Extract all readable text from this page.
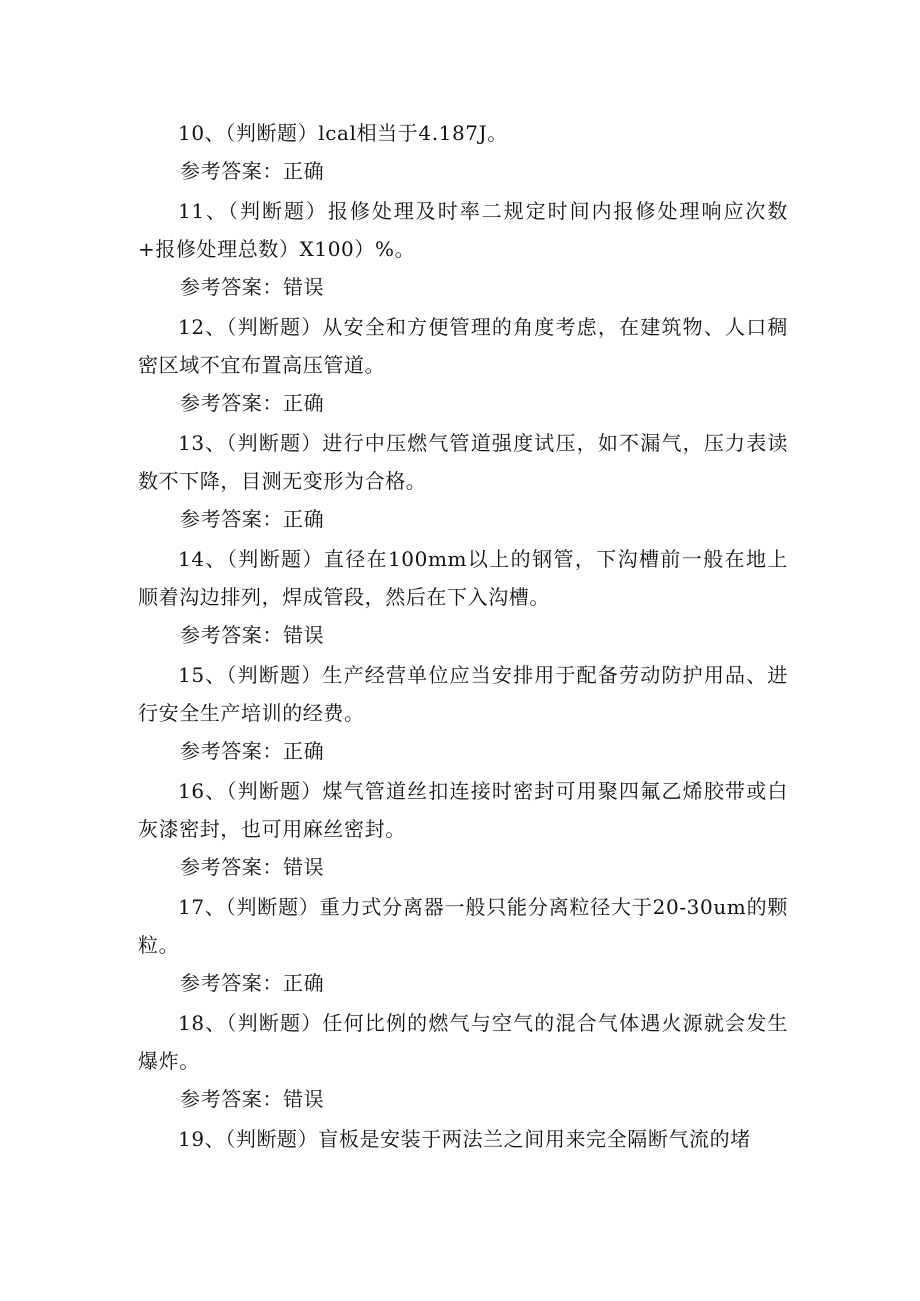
10、（判断题）lcal相当于4.187J。

参考答案：正确

11、（判断题）报修处理及时率二规定时间内报修处理响应次数+报修处理总数）X100）%。

参考答案：错误

12、（判断题）从安全和方便管理的角度考虑，在建筑物、人口稠密区域不宜布置高压管道。

参考答案：正确

13、（判断题）进行中压燃气管道强度试压，如不漏气，压力表读数不下降，目测无变形为合格。

参考答案：正确

14、（判断题）直径在100mm以上的钢管，下沟槽前一般在地上顺着沟边排列，焊成管段，然后在下入沟槽。

参考答案：错误

15、（判断题）生产经营单位应当安排用于配备劳动防护用品、进行安全生产培训的经费。

参考答案：正确

16、（判断题）煤气管道丝扣连接时密封可用聚四氟乙烯胶带或白灰漆密封，也可用麻丝密封。

参考答案：错误

17、（判断题）重力式分离器一般只能分离粒径大于20-30um的颗粒。

参考答案：正确

18、（判断题）任何比例的燃气与空气的混合气体遇火源就会发生爆炸。

参考答案：错误

19、（判断题）盲板是安装于两法兰之间用来完全隔断气流的堵
